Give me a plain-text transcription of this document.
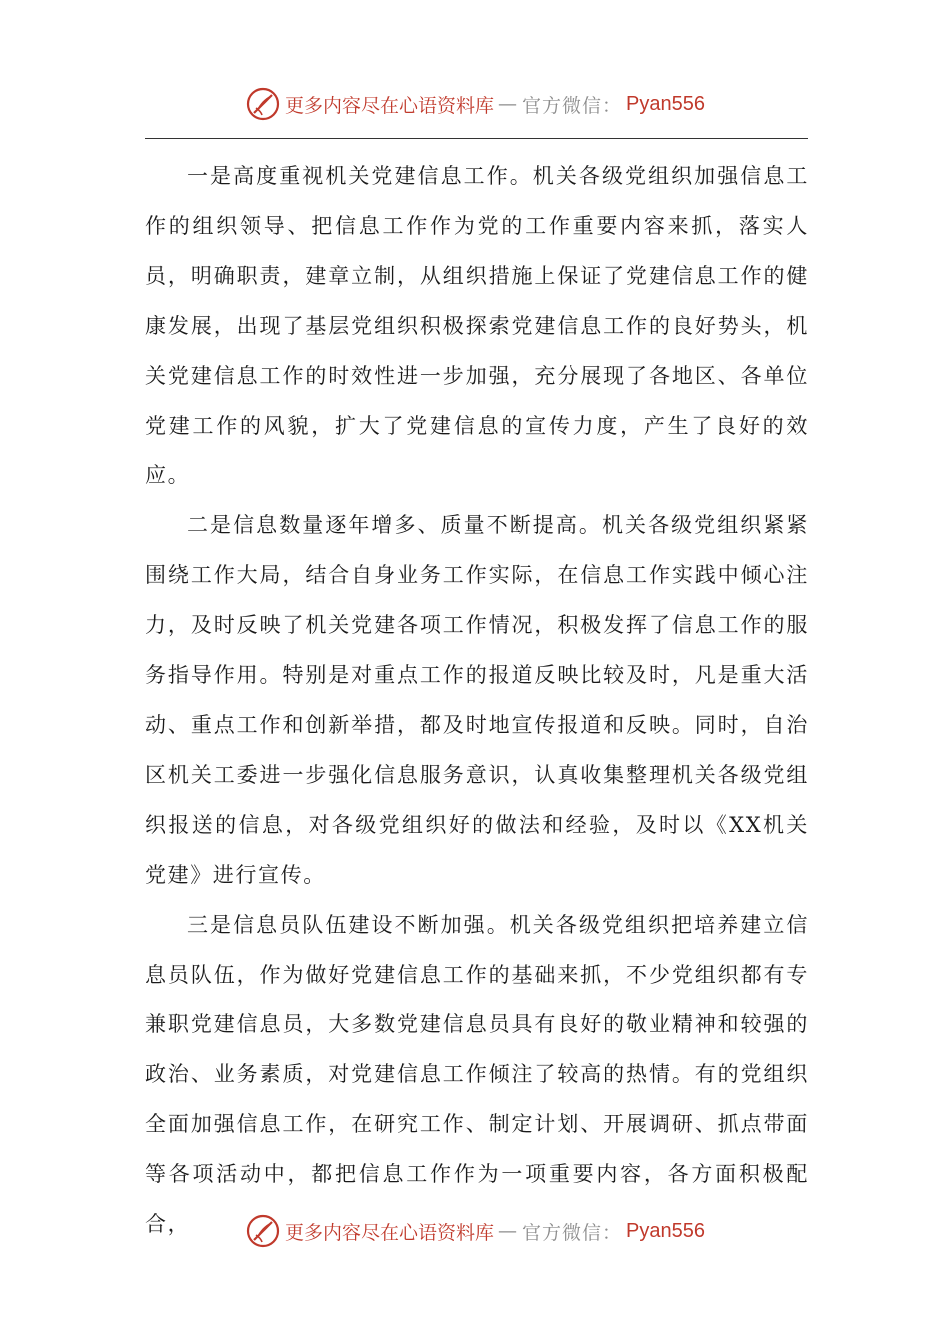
更多内容尽在心语资料库 — 官方微信： Pyan556

一是高度重视机关党建信息工作。机关各级党组织加强信息工作的组织领导、把信息工作作为党的工作重要内容来抓，落实人员，明确职责，建章立制，从组织措施上保证了党建信息工作的健康发展，出现了基层党组织积极探索党建信息工作的良好势头，机关党建信息工作的时效性进一步加强，充分展现了各地区、各单位党建工作的风貌，扩大了党建信息的宣传力度，产生了良好的效应。

二是信息数量逐年增多、质量不断提高。机关各级党组织紧紧围绕工作大局，结合自身业务工作实际，在信息工作实践中倾心注力，及时反映了机关党建各项工作情况，积极发挥了信息工作的服务指导作用。特别是对重点工作的报道反映比较及时，凡是重大活动、重点工作和创新举措，都及时地宣传报道和反映。同时，自治区机关工委进一步强化信息服务意识，认真收集整理机关各级党组织报送的信息，对各级党组织好的做法和经验，及时以《XX机关党建》进行宣传。

三是信息员队伍建设不断加强。机关各级党组织把培养建立信息员队伍，作为做好党建信息工作的基础来抓，不少党组织都有专兼职党建信息员，大多数党建信息员具有良好的敬业精神和较强的政治、业务素质，对党建信息工作倾注了较高的热情。有的党组织全面加强信息工作，在研究工作、制定计划、开展调研、抓点带面等各项活动中，都把信息工作作为一项重要内容，各方面积极配合，	更多内容尽在心语资料库 — 官方微信： Pyan556
